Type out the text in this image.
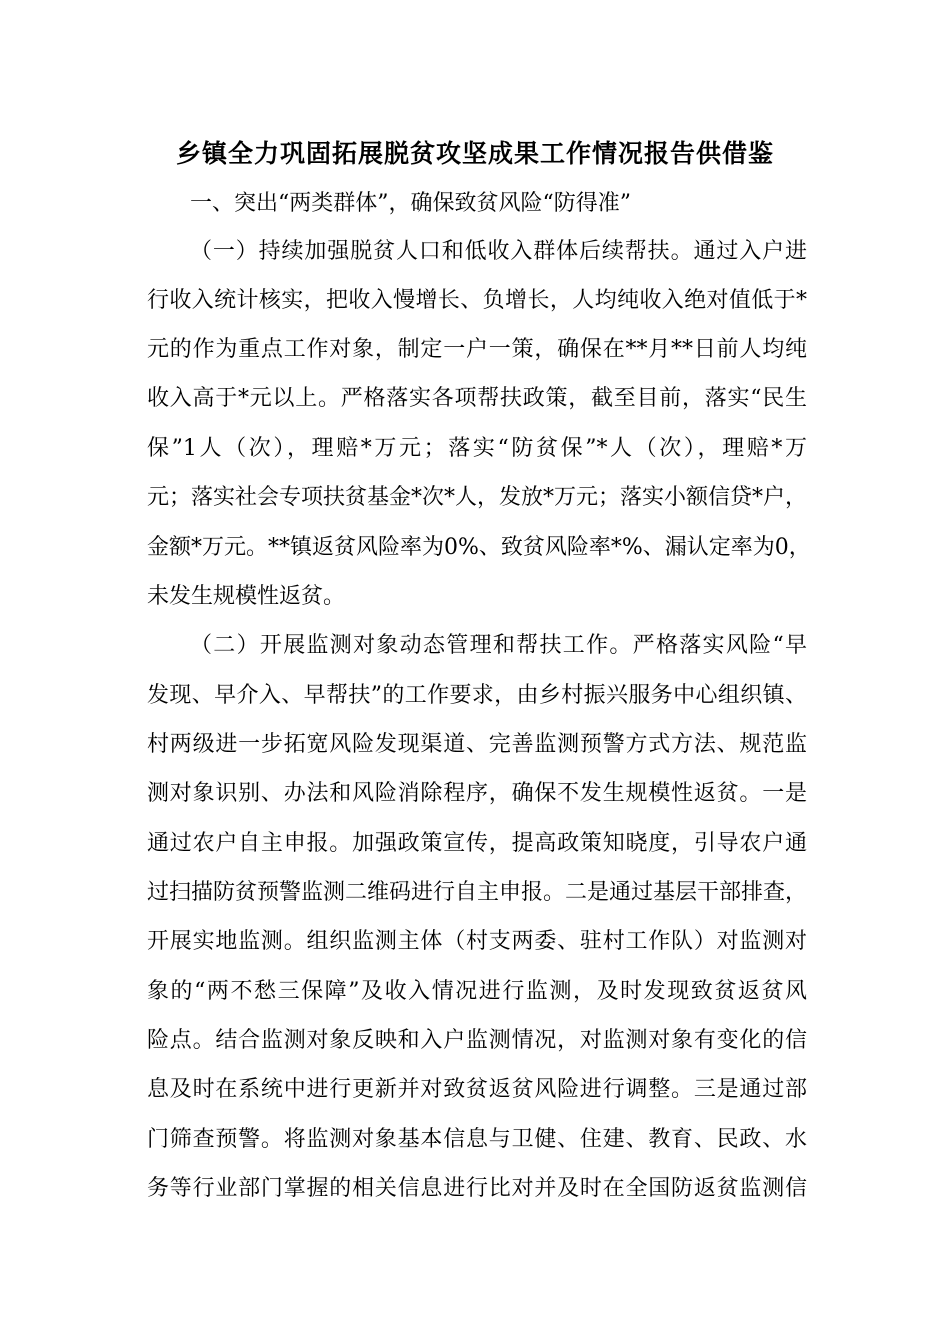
乡镇全力巩固拓展脱贫攻坚成果工作情况报告供借鉴
一、突出“两类群体”，确保致贫风险“防得准”
（一）持续加强脱贫人口和低收入群体后续帮扶。通过入户进
行收入统计核实，把收入慢增长、负增长，人均纯收入绝对值低于*
元的作为重点工作对象，制定一户一策，确保在**月**日前人均纯
收入高于*元以上。严格落实各项帮扶政策，截至目前，落实“民生
保”1人（次），理赔*万元；落实“防贫保”*人（次），理赔*万
元；落实社会专项扶贫基金*次*人，发放*万元；落实小额信贷*户，
金额*万元。**镇返贫风险率为0%、致贫风险率*%、漏认定率为0，
未发生规模性返贫。
（二）开展监测对象动态管理和帮扶工作。严格落实风险“早
发现、早介入、早帮扶”的工作要求，由乡村振兴服务中心组织镇、
村两级进一步拓宽风险发现渠道、完善监测预警方式方法、规范监
测对象识别、办法和风险消除程序，确保不发生规模性返贫。一是
通过农户自主申报。加强政策宣传，提高政策知晓度，引导农户通
过扫描防贫预警监测二维码进行自主申报。二是通过基层干部排查，
开展实地监测。组织监测主体（村支两委、驻村工作队）对监测对
象的“两不愁三保障”及收入情况进行监测，及时发现致贫返贫风
险点。结合监测对象反映和入户监测情况，对监测对象有变化的信
息及时在系统中进行更新并对致贫返贫风险进行调整。三是通过部
门筛查预警。将监测对象基本信息与卫健、住建、教育、民政、水
务等行业部门掌握的相关信息进行比对并及时在全国防返贫监测信
